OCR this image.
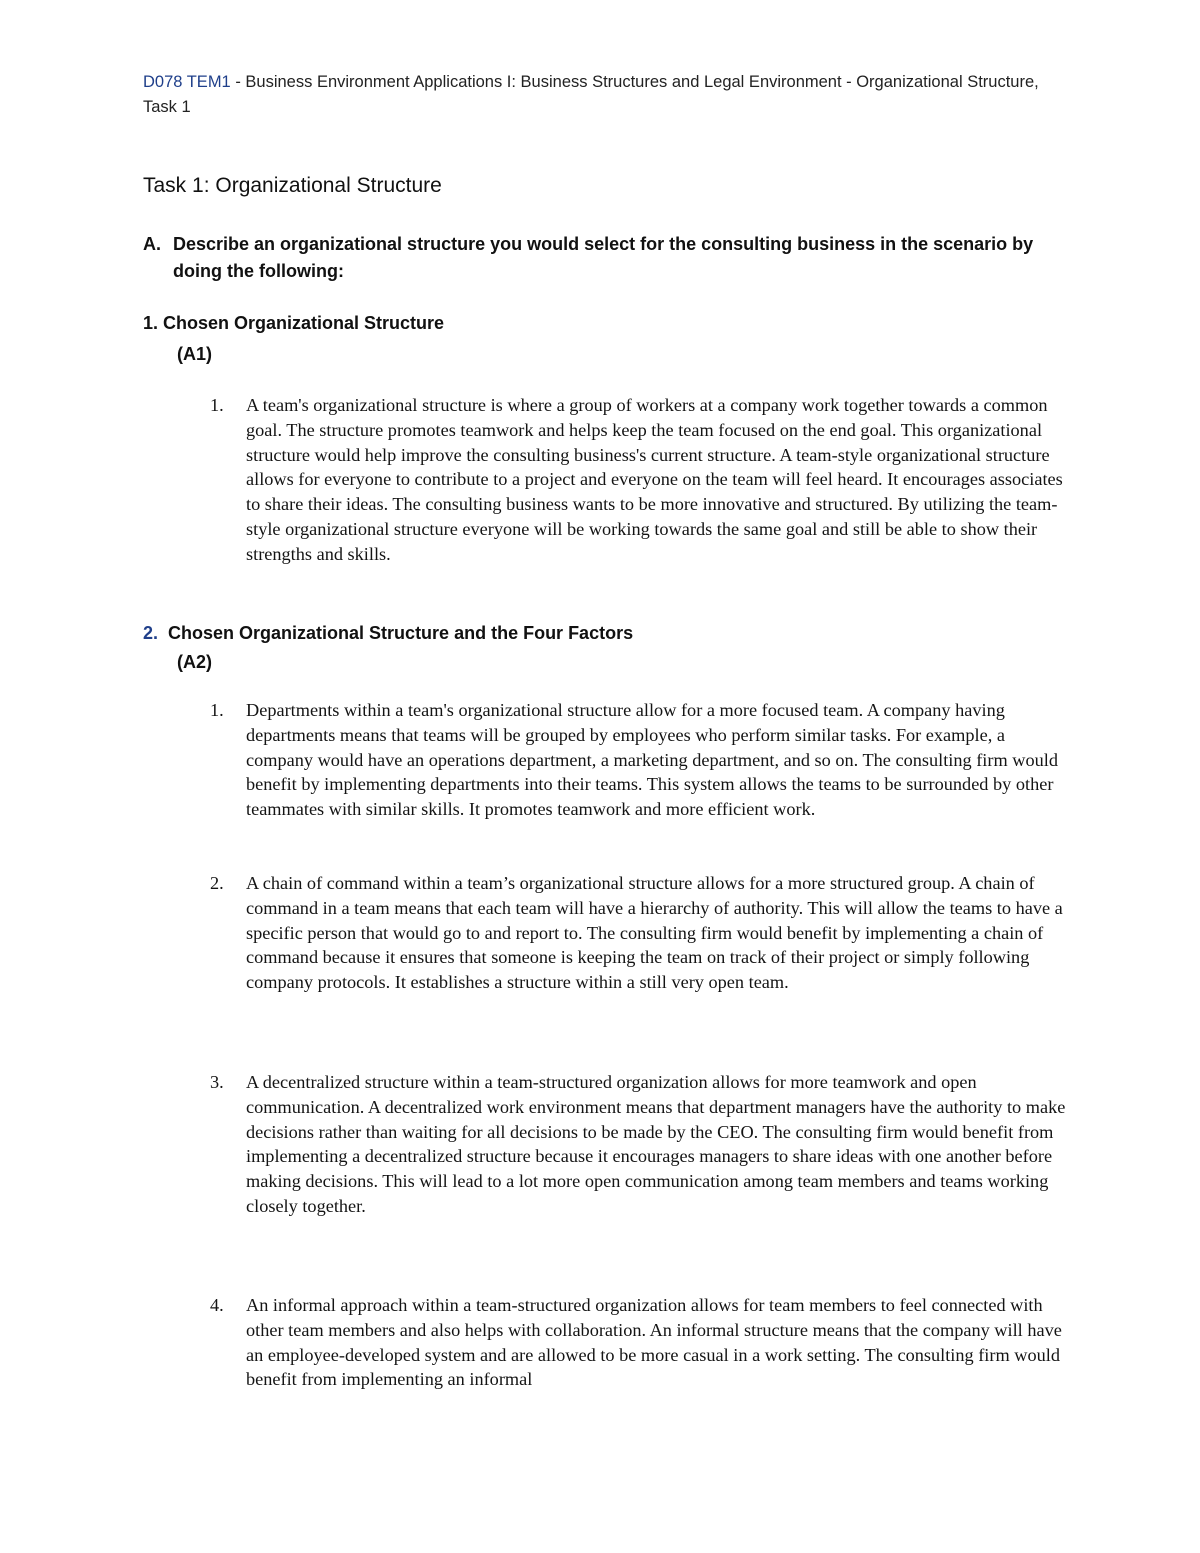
D078 TEM1 - Business Environment Applications I: Business Structures and Legal Environment - Organizational Structure, Task 1
Task 1: Organizational Structure
A. Describe an organizational structure you would select for the consulting business in the scenario by doing the following:
1. Chosen Organizational Structure
(A1)
1. A team's organizational structure is where a group of workers at a company work together towards a common goal. The structure promotes teamwork and helps keep the team focused on the end goal. This organizational structure would help improve the consulting business's current structure. A team-style organizational structure allows for everyone to contribute to a project and everyone on the team will feel heard. It encourages associates to share their ideas. The consulting business wants to be more innovative and structured. By utilizing the team-style organizational structure everyone will be working towards the same goal and still be able to show their strengths and skills.
2. Chosen Organizational Structure and the Four Factors
(A2)
1. Departments within a team's organizational structure allow for a more focused team. A company having departments means that teams will be grouped by employees who perform similar tasks. For example, a company would have an operations department, a marketing department, and so on. The consulting firm would benefit by implementing departments into their teams. This system allows the teams to be surrounded by other teammates with similar skills. It promotes teamwork and more efficient work.
2. A chain of command within a team’s organizational structure allows for a more structured group. A chain of command in a team means that each team will have a hierarchy of authority. This will allow the teams to have a specific person that would go to and report to. The consulting firm would benefit by implementing a chain of command because it ensures that someone is keeping the team on track of their project or simply following company protocols. It establishes a structure within a still very open team.
3. A decentralized structure within a team-structured organization allows for more teamwork and open communication. A decentralized work environment means that department managers have the authority to make decisions rather than waiting for all decisions to be made by the CEO. The consulting firm would benefit from implementing a decentralized structure because it encourages managers to share ideas with one another before making decisions. This will lead to a lot more open communication among team members and teams working closely together.
4. An informal approach within a team-structured organization allows for team members to feel connected with other team members and also helps with collaboration. An informal structure means that the company will have an employee-developed system and are allowed to be more casual in a work setting. The consulting firm would benefit from implementing an informal
